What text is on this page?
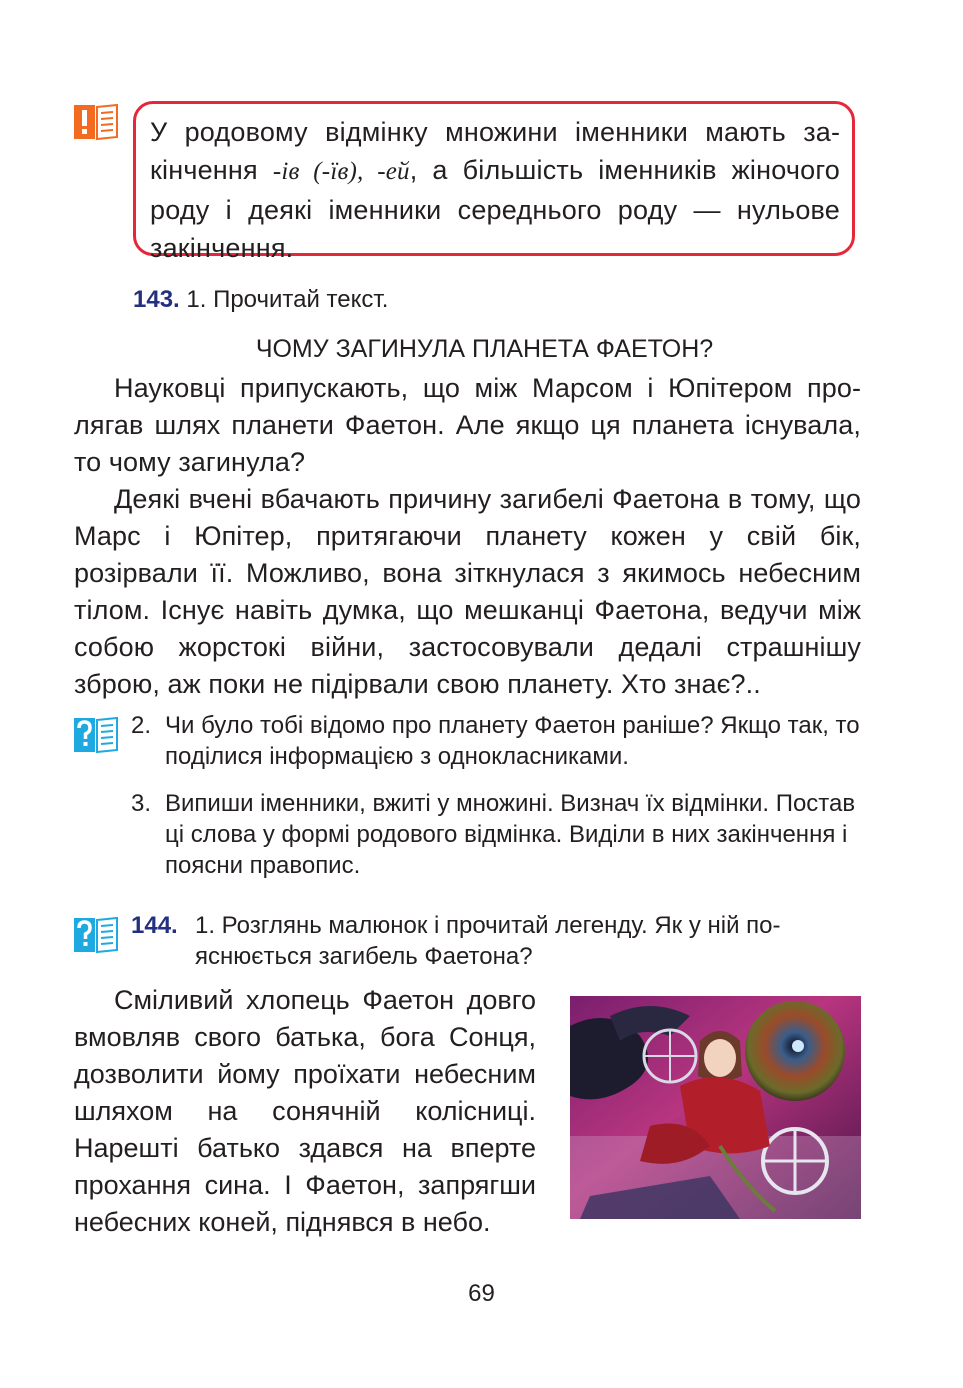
У родовому відмінку множини іменники мають закінчення -ів (-їв), -ей, а більшість іменників жіночого роду і деякі іменники середнього роду — нульове закінчення.
143. 1. Прочитай текст.
ЧОМУ ЗАГИНУЛА ПЛАНЕТА ФАЕТОН?

Науковці припускають, що між Марсом і Юпітером пролягав шлях планети Фаетон. Але якщо ця планета існувала, то чому загинула?

Деякі вчені вбачають причину загибелі Фаетона в тому, що Марс і Юпітер, притягаючи планету кожен у свій бік, розірвали її. Можливо, вона зіткнулася з якимось небесним тілом. Існує навіть думка, що мешканці Фаетона, ведучи між собою жорстокі війни, застосовували дедалі страшнішу зброю, аж поки не підірвали свою планету. Хто знає?..

2. Чи було тобі відомо про планету Фаетон раніше? Якщо так, то поділися інформацією з однокласниками.
3. Випиши іменники, вжиті у множині. Визнач їх відмінки. Постав ці слова у формі родового відмінка. Виділи в них закінчення і поясни правопис.
144. 1. Розглянь малюнок і прочитай легенду. Як у ній пояснюється загибель Фаетона?

Сміливий хлопець Фаетон довго вмовляв свого батька, бога Сонця, дозволити йому проїхати небесним шляхом на сонячній колісниці. Нарешті батько здався на вперте прохання сина. І Фаетон, запрягши небесних коней, піднявся в небо.

69
